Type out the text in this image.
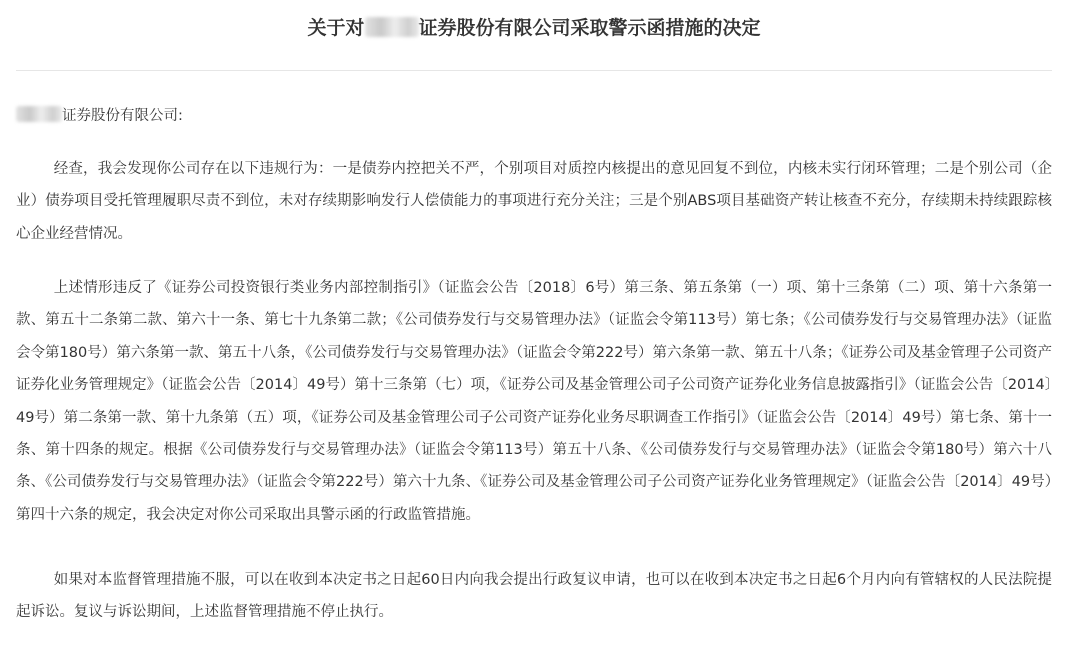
关于对	证券股份有限公司采取警示函措施的决定
证券股份有限公司:

经查，我会发现你公司存在以下违规行为：一是债券内控把关不严，个别项目对质控内核提出的意见回复不到位，内核未实行闭环管理；二是个别公司（企业）债券项目受托管理履职尽责不到位，未对存续期影响发行人偿债能力的事项进行充分关注；三是个别ABS项目基础资产转让核查不充分，存续期未持续跟踪核心企业经营情况。

上述情形违反了《证券公司投资银行类业务内部控制指引》（证监会公告〔2018〕6号）第三条、第五条第（一）项、第十三条第（二）项、第十六条第一款、第五十二条第二款、第六十一条、第七十九条第二款；《公司债券发行与交易管理办法》（证监会令第113号）第七条；《公司债券发行与交易管理办法》（证监会令第180号）第六条第一款、第五十八条，《公司债券发行与交易管理办法》（证监会令第222号）第六条第一款、第五十八条；《证券公司及基金管理子公司资产证券化业务管理规定》（证监会公告〔2014〕49号）第十三条第（七）项，《证券公司及基金管理公司子公司资产证券化业务信息披露指引》（证监会公告〔2014〕49号）第二条第一款、第十九条第（五）项，《证券公司及基金管理公司子公司资产证券化业务尽职调查工作指引》（证监会公告〔2014〕49号）第七条、第十一条、第十四条的规定。根据《公司债券发行与交易管理办法》（证监会令第113号）第五十八条、《公司债券发行与交易管理办法》（证监会令第180号）第六十八条、《公司债券发行与交易管理办法》（证监会令第222号）第六十九条、《证券公司及基金管理公司子公司资产证券化业务管理规定》（证监会公告〔2014〕49号）第四十六条的规定，我会决定对你公司采取出具警示函的行政监管措施。

如果对本监督管理措施不服，可以在收到本决定书之日起60日内向我会提出行政复议申请，也可以在收到本决定书之日起6个月内向有管辖权的人民法院提起诉讼。复议与诉讼期间，上述监督管理措施不停止执行。
